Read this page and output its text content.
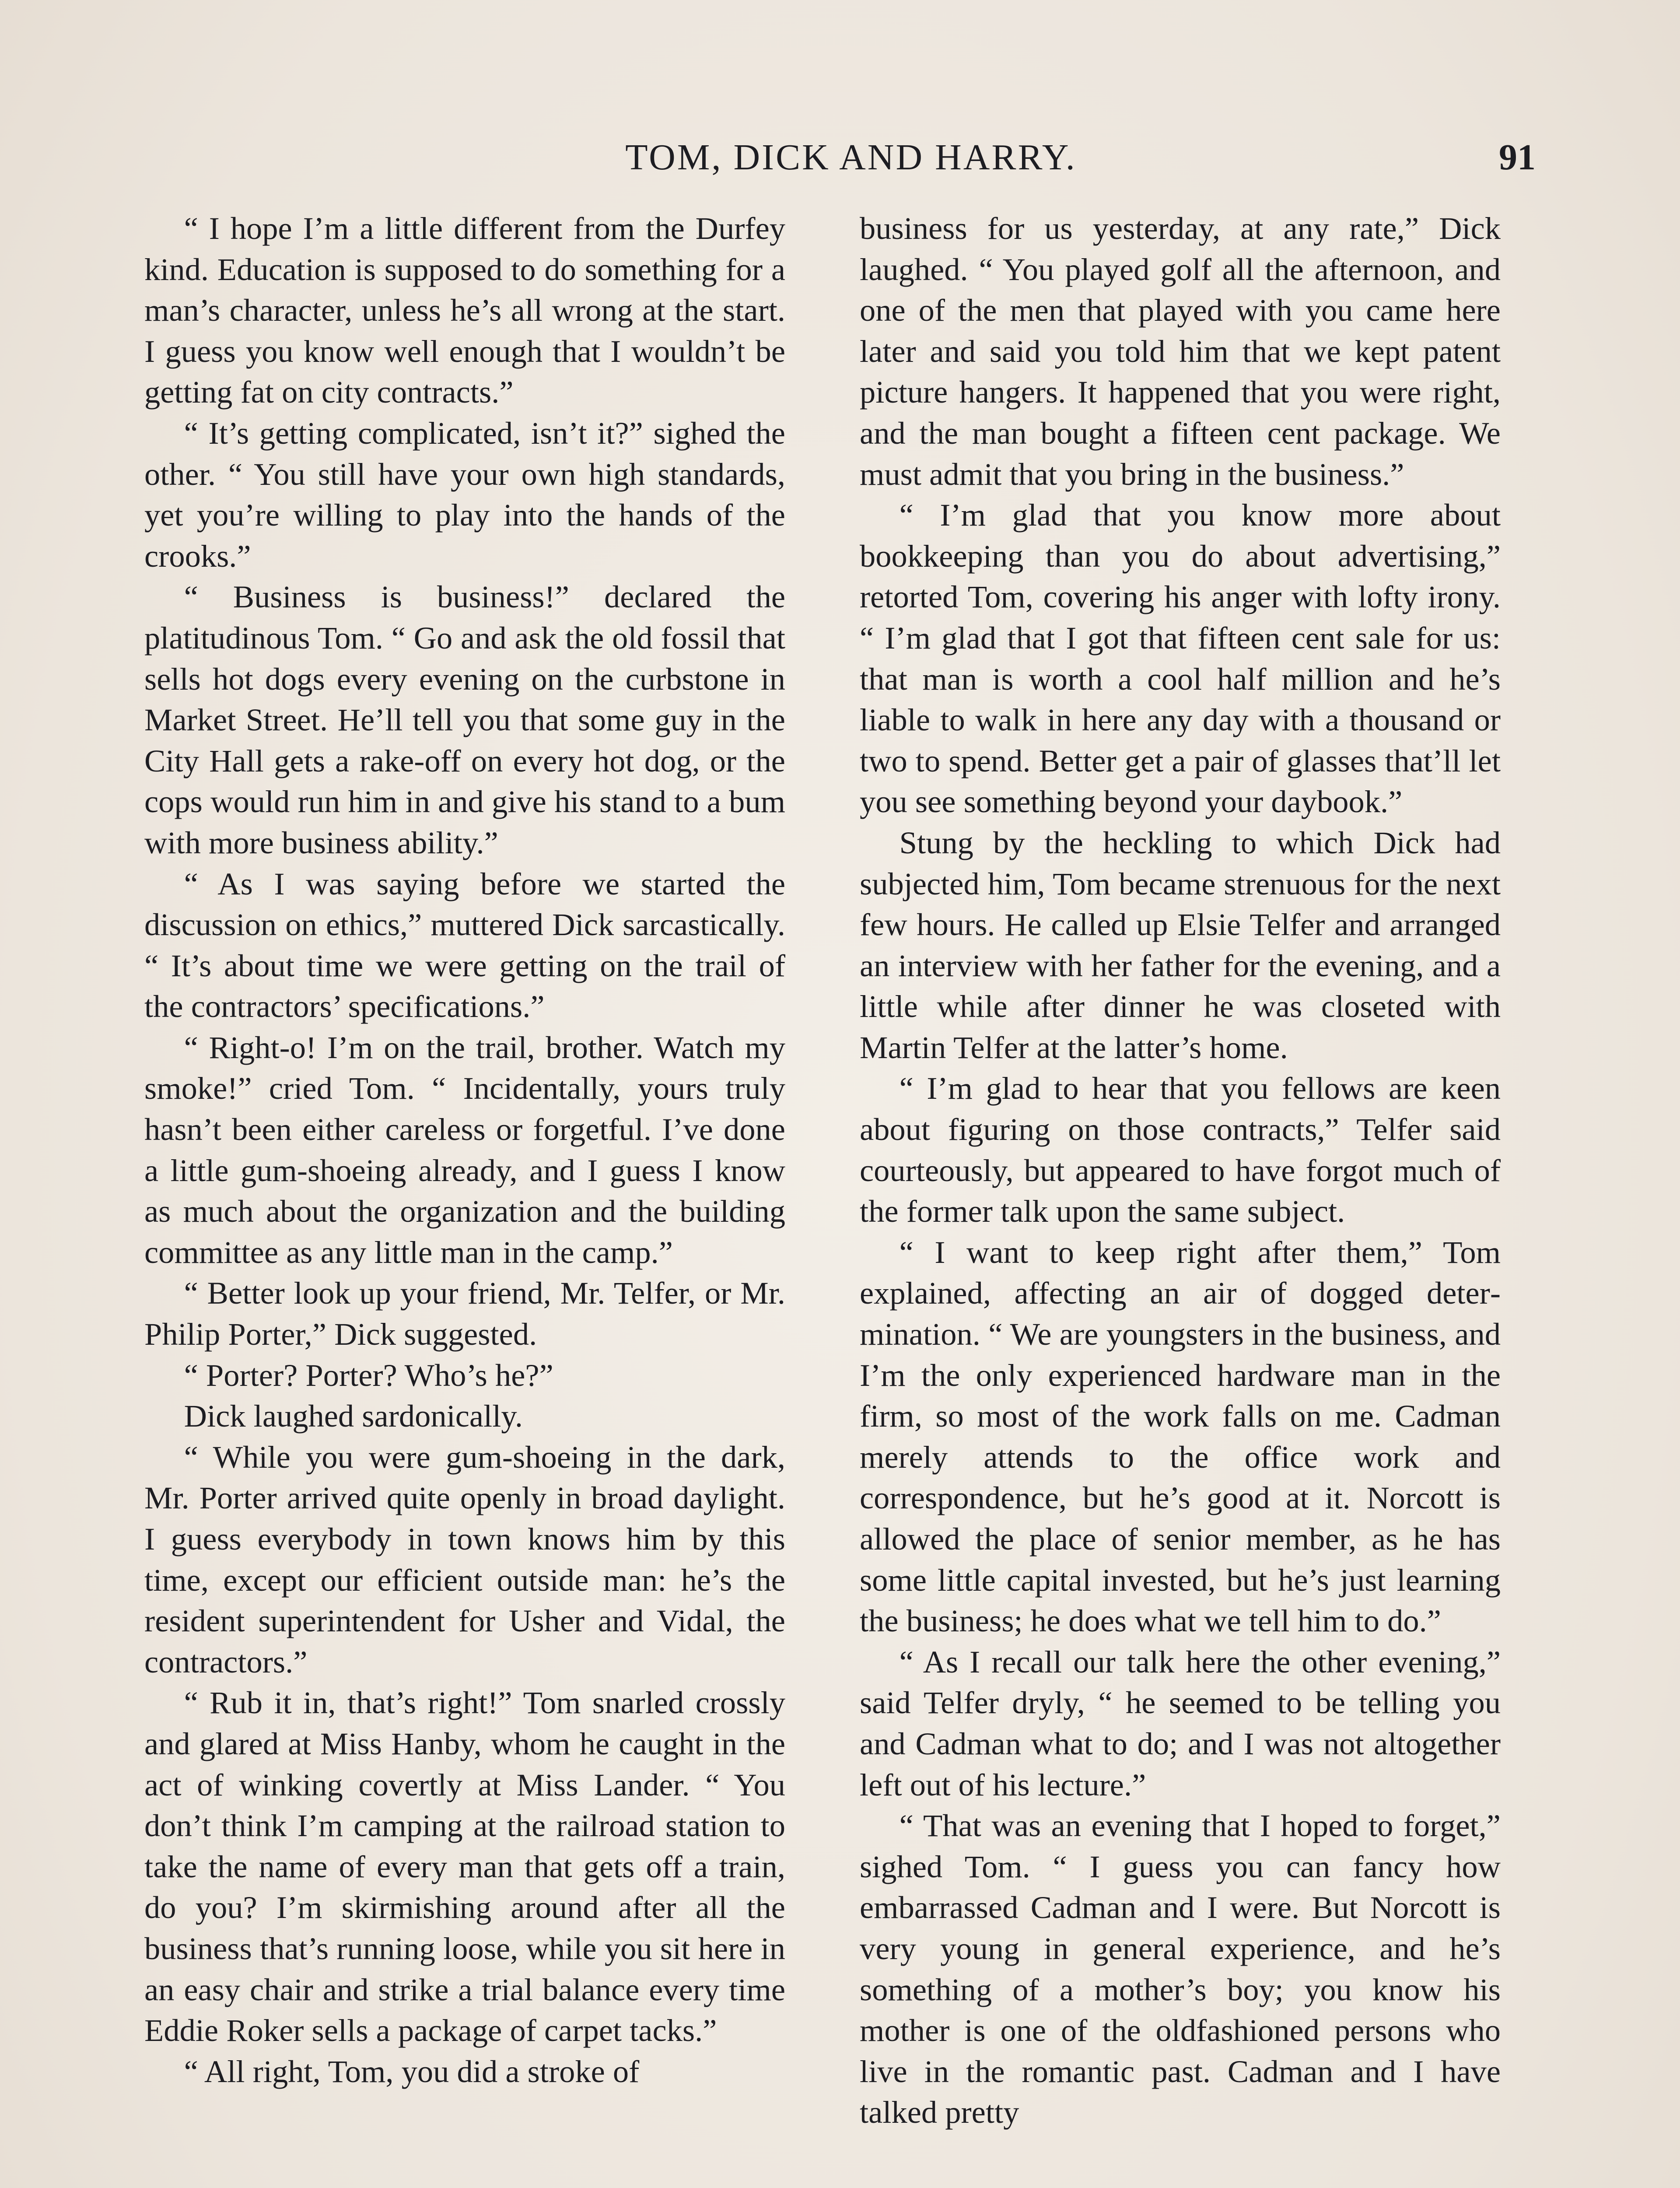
TOM, DICK AND HARRY.	91

“ I hope I’m a little different from the Durfey kind. Education is supposed to do something for a man’s character, unless he’s all wrong at the start. I guess you know well enough that I wouldn’t be getting fat on city contracts.”

“ It’s getting complicated, isn’t it?” sighed the other. “ You still have your own high standards, yet you’re willing to play into the hands of the crooks.”

“ Business is business!” declared the platitudinous Tom. “ Go and ask the old fossil that sells hot dogs every evening on the curbstone in Market Street. He’ll tell you that some guy in the City Hall gets a rake-off on every hot dog, or the cops would run him in and give his stand to a bum with more business ability.”

“ As I was saying before we started the discussion on ethics,” muttered Dick sarcastically. “ It’s about time we were getting on the trail of the contractors’ specifications.”

“ Right-o! I’m on the trail, brother. Watch my smoke!” cried Tom. “ Incidentally, yours truly hasn’t been either careless or forgetful. I’ve done a little gum-shoeing already, and I guess I know as much about the organization and the building committee as any little man in the camp.”

“ Better look up your friend, Mr. Telfer, or Mr. Philip Porter,” Dick suggested.

“ Porter? Porter? Who’s he?”

Dick laughed sardonically.

“ While you were gum-shoeing in the dark, Mr. Porter arrived quite openly in broad daylight. I guess everybody in town knows him by this time, except our efficient outside man: he’s the resident superintendent for Usher and Vidal, the contractors.”

“ Rub it in, that’s right!” Tom snarled crossly and glared at Miss Hanby, whom he caught in the act of winking covertly at Miss Lander. “ You don’t think I’m camping at the railroad station to take the name of every man that gets off a train, do you? I’m skirmishing around after all the business that’s running loose, while you sit here in an easy chair and strike a trial balance every time Eddie Roker sells a package of carpet tacks.”

“ All right, Tom, you did a stroke of

business for us yesterday, at any rate,” Dick laughed. “ You played golf all the afternoon, and one of the men that played with you came here later and said you told him that we kept patent picture hangers. It happened that you were right, and the man bought a fifteen cent package. We must admit that you bring in the business.”

“ I’m glad that you know more about bookkeeping than you do about advertising,” retorted Tom, covering his anger with lofty irony. “ I’m glad that I got that fifteen cent sale for us: that man is worth a cool half million and he’s liable to walk in here any day with a thousand or two to spend. Better get a pair of glasses that’ll let you see something beyond your daybook.”

Stung by the heckling to which Dick had subjected him, Tom became strenuous for the next few hours. He called up Elsie Telfer and arranged an interview with her father for the evening, and a little while after dinner he was closeted with Martin Telfer at the latter’s home.

“ I’m glad to hear that you fellows are keen about figuring on those contracts,” Telfer said courteously, but appeared to have forgot much of the former talk upon the same subject.

“ I want to keep right after them,” Tom explained, affecting an air of dogged determination. “ We are youngsters in the business, and I’m the only experienced hardware man in the firm, so most of the work falls on me. Cadman merely attends to the office work and correspondence, but he’s good at it. Norcott is allowed the place of senior member, as he has some little capital invested, but he’s just learning the business; he does what we tell him to do.”

“ As I recall our talk here the other evening,” said Telfer dryly, “ he seemed to be telling you and Cadman what to do; and I was not altogether left out of his lecture.”

“ That was an evening that I hoped to forget,” sighed Tom. “ I guess you can fancy how embarrassed Cadman and I were. But Norcott is very young in general experience, and he’s something of a mother’s boy; you know his mother is one of the oldfashioned persons who live in the romantic past. Cadman and I have talked pretty
